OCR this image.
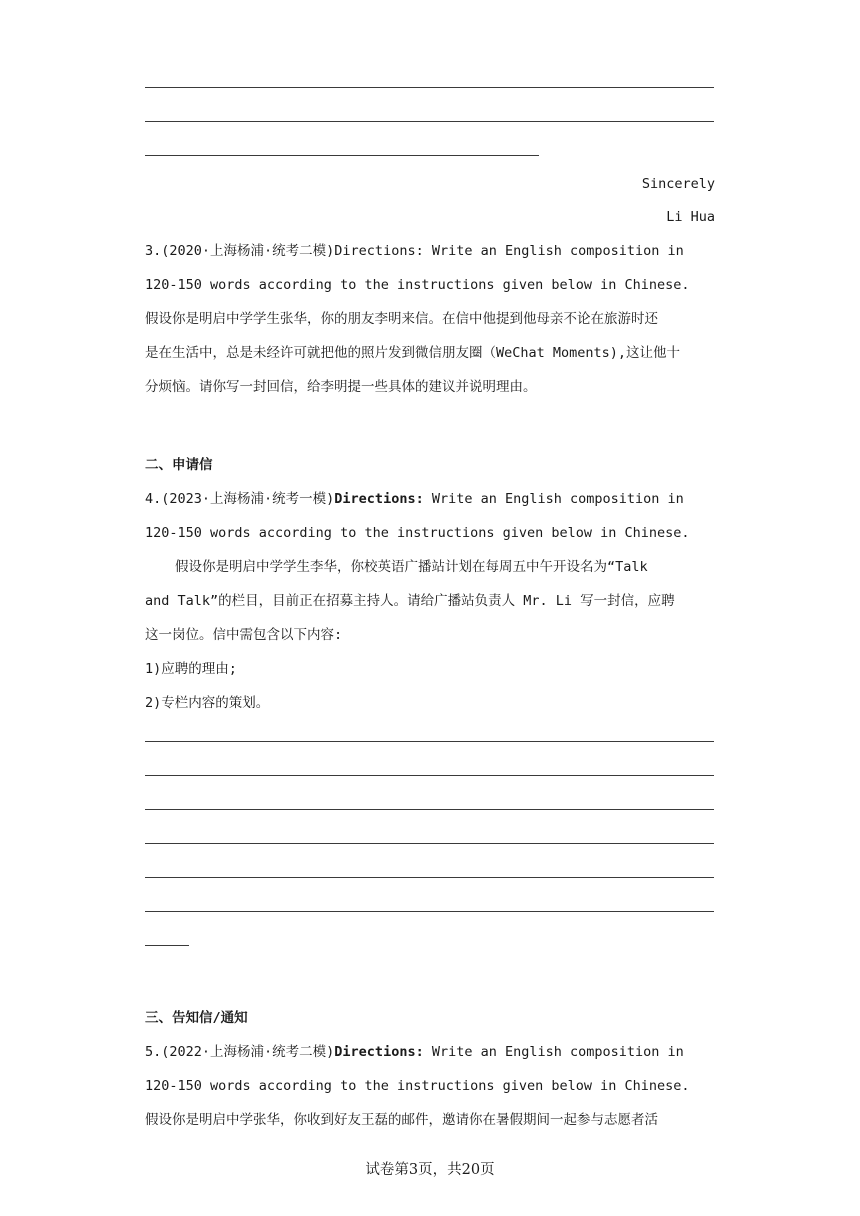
Sincerely
Li Hua
3.(2020·上海杨浦·统考二模)Directions: Write an English composition in
120-150 words according to the instructions given below in Chinese.
假设你是明启中学学生张华，你的朋友李明来信。在信中他提到他母亲不论在旅游时还
是在生活中，总是未经许可就把他的照片发到微信朋友圈（WeChat Moments),这让他十
分烦恼。请你写一封回信，给李明提一些具体的建议并说明理由。
二、申请信
4.(2023·上海杨浦·统考一模)Directions: Write an English composition in
120-150 words according to the instructions given below in Chinese.
假设你是明启中学学生李华，你校英语广播站计划在每周五中午开设名为“Talk
and Talk”的栏目，目前正在招募主持人。请给广播站负责人 Mr. Li 写一封信，应聘
这一岗位。信中需包含以下内容:
1)应聘的理由;
2)专栏内容的策划。
三、告知信/通知
5.(2022·上海杨浦·统考二模)Directions: Write an English composition in
120-150 words according to the instructions given below in Chinese.
假设你是明启中学张华，你收到好友王磊的邮件，邀请你在暑假期间一起参与志愿者活
试卷第3页，共20页
